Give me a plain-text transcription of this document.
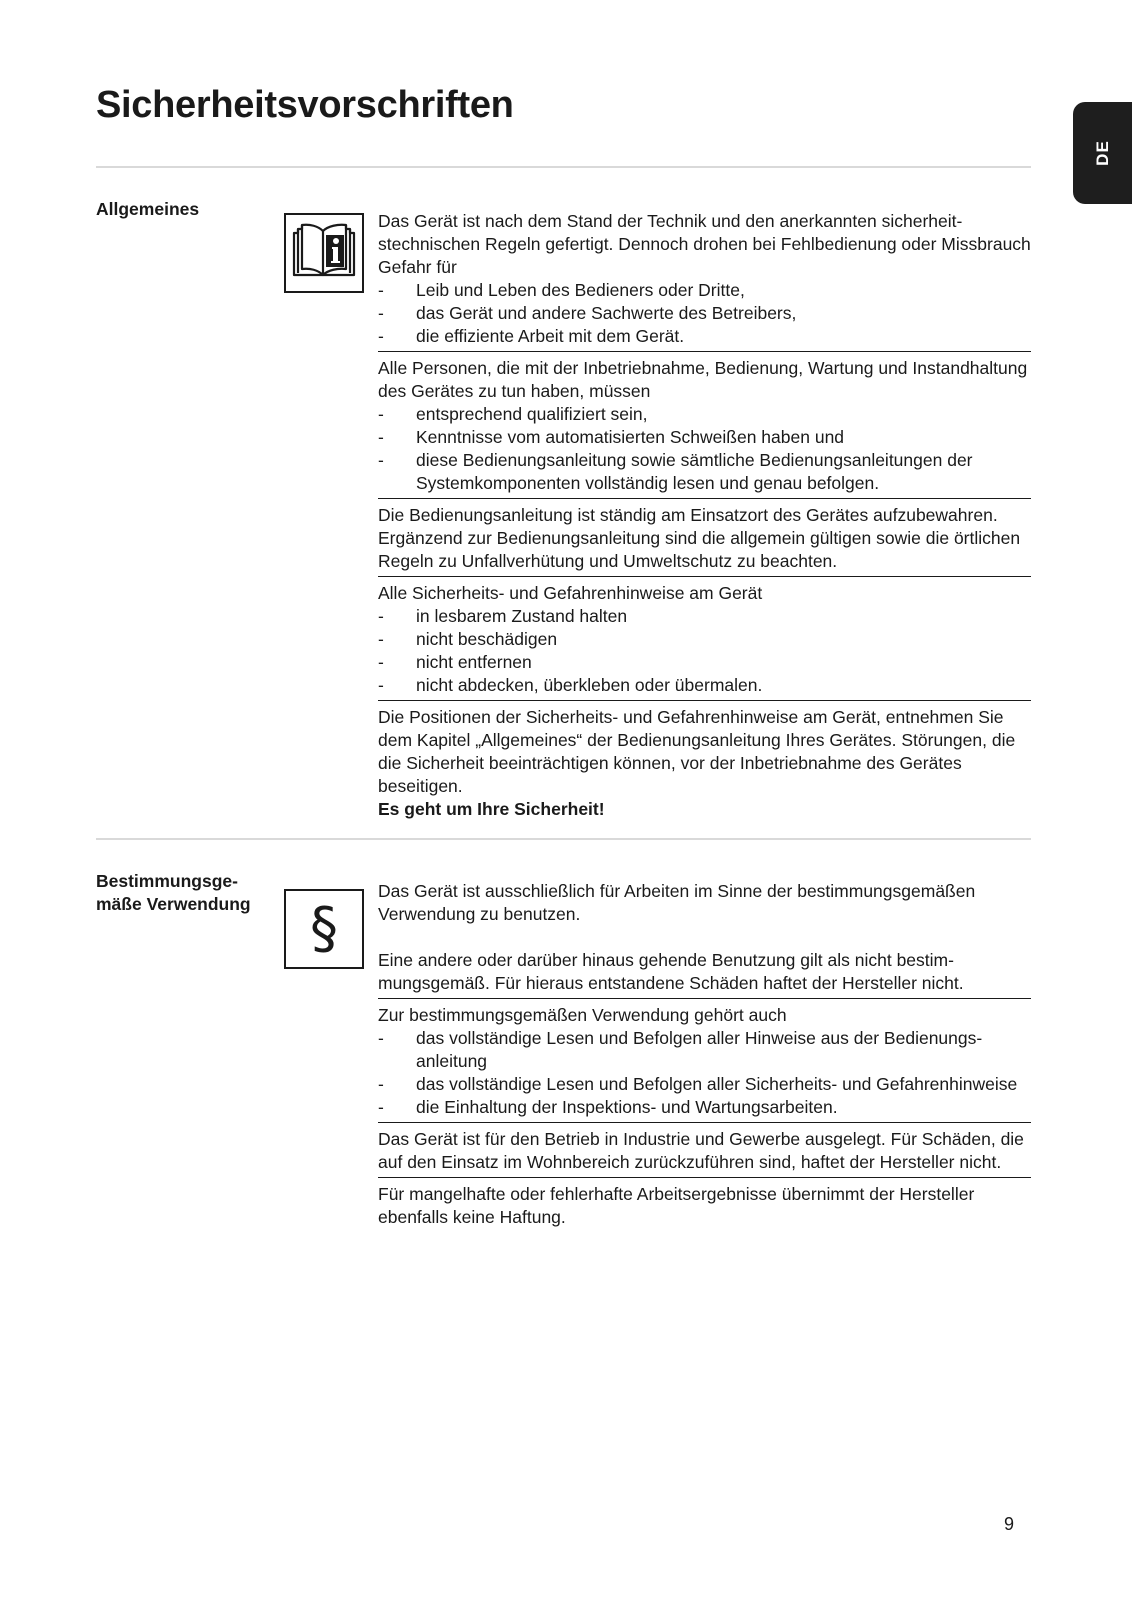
Sicherheitsvorschriften
DE
Allgemeines

Das Gerät ist nach dem Stand der Technik und den anerkannten sicherheitstechnischen Regeln gefertigt. Dennoch drohen bei Fehlbedienung oder Missbrauch Gefahr für

- Leib und Leben des Bedieners oder Dritte,
- das Gerät und andere Sachwerte des Betreibers,
- die effiziente Arbeit mit dem Gerät.

Alle Personen, die mit der Inbetriebnahme, Bedienung, Wartung und Instandhaltung des Gerätes zu tun haben, müssen

- entsprechend qualifiziert sein,
- Kenntnisse vom automatisierten Schweißen haben und
- diese Bedienungsanleitung sowie sämtliche Bedienungsanleitungen der Systemkomponenten vollständig lesen und genau befolgen.

Die Bedienungsanleitung ist ständig am Einsatzort des Gerätes aufzubewahren. Ergänzend zur Bedienungsanleitung sind die allgemein gültigen sowie die örtlichen Regeln zu Unfallverhütung und Umweltschutz zu beachten.

Alle Sicherheits- und Gefahrenhinweise am Gerät

- in lesbarem Zustand halten
- nicht beschädigen
- nicht entfernen
- nicht abdecken, überkleben oder übermalen.

Die Positionen der Sicherheits- und Gefahrenhinweise am Gerät, entnehmen Sie dem Kapitel „Allgemeines“ der Bedienungsanleitung Ihres Gerätes. Störungen, die die Sicherheit beeinträchtigen können, vor der Inbetriebnahme des Gerätes beseitigen.

Es geht um Ihre Sicherheit!

Bestimmungsgemäße Verwendung	§

Das Gerät ist ausschließlich für Arbeiten im Sinne der bestimmungsgemäßen Verwendung zu benutzen.

Eine andere oder darüber hinaus gehende Benutzung gilt als nicht bestimmungsgemäß. Für hieraus entstandene Schäden haftet der Hersteller nicht.

Zur bestimmungsgemäßen Verwendung gehört auch

- das vollständige Lesen und Befolgen aller Hinweise aus der Bedienungsanleitung
- das vollständige Lesen und Befolgen aller Sicherheits- und Gefahrenhinweise
- die Einhaltung der Inspektions- und Wartungsarbeiten.

Das Gerät ist für den Betrieb in Industrie und Gewerbe ausgelegt. Für Schäden, die auf den Einsatz im Wohnbereich zurückzuführen sind, haftet der Hersteller nicht.

Für mangelhafte oder fehlerhafte Arbeitsergebnisse übernimmt der Hersteller ebenfalls keine Haftung.

9
